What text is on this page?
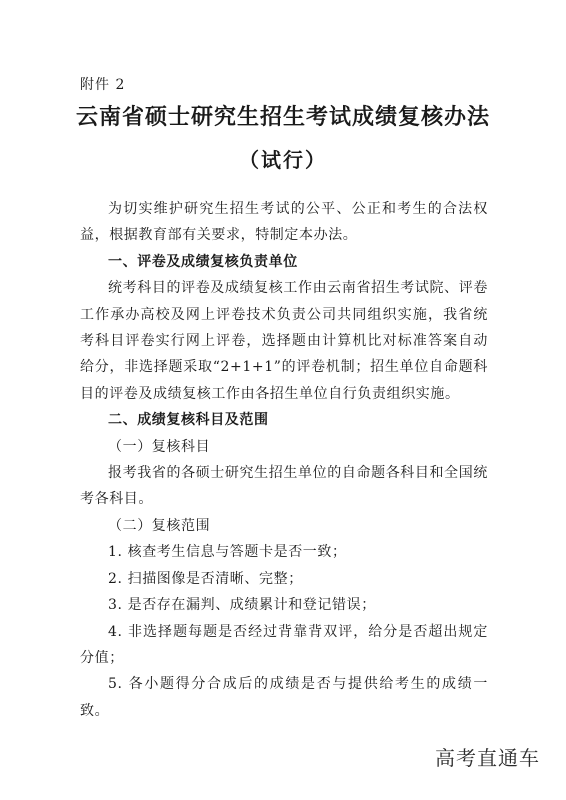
附件 2
云南省硕士研究生招生考试成绩复核办法
（试行）

为切实维护研究生招生考试的公平、公正和考生的合法权益，根据教育部有关要求，特制定本办法。

一、评卷及成绩复核负责单位

统考科目的评卷及成绩复核工作由云南省招生考试院、评卷工作承办高校及网上评卷技术负责公司共同组织实施，我省统考科目评卷实行网上评卷，选择题由计算机比对标准答案自动给分，非选择题采取“2+1+1”的评卷机制；招生单位自命题科目的评卷及成绩复核工作由各招生单位自行负责组织实施。

二、成绩复核科目及范围

（一）复核科目

报考我省的各硕士研究生招生单位的自命题各科目和全国统考各科目。

（二）复核范围

1. 核查考生信息与答题卡是否一致；

2. 扫描图像是否清晰、完整；

3. 是否存在漏判、成绩累计和登记错误；

4. 非选择题每题是否经过背靠背双评，给分是否超出规定分值；

5. 各小题得分合成后的成绩是否与提供给考生的成绩一致。

高考直通车
